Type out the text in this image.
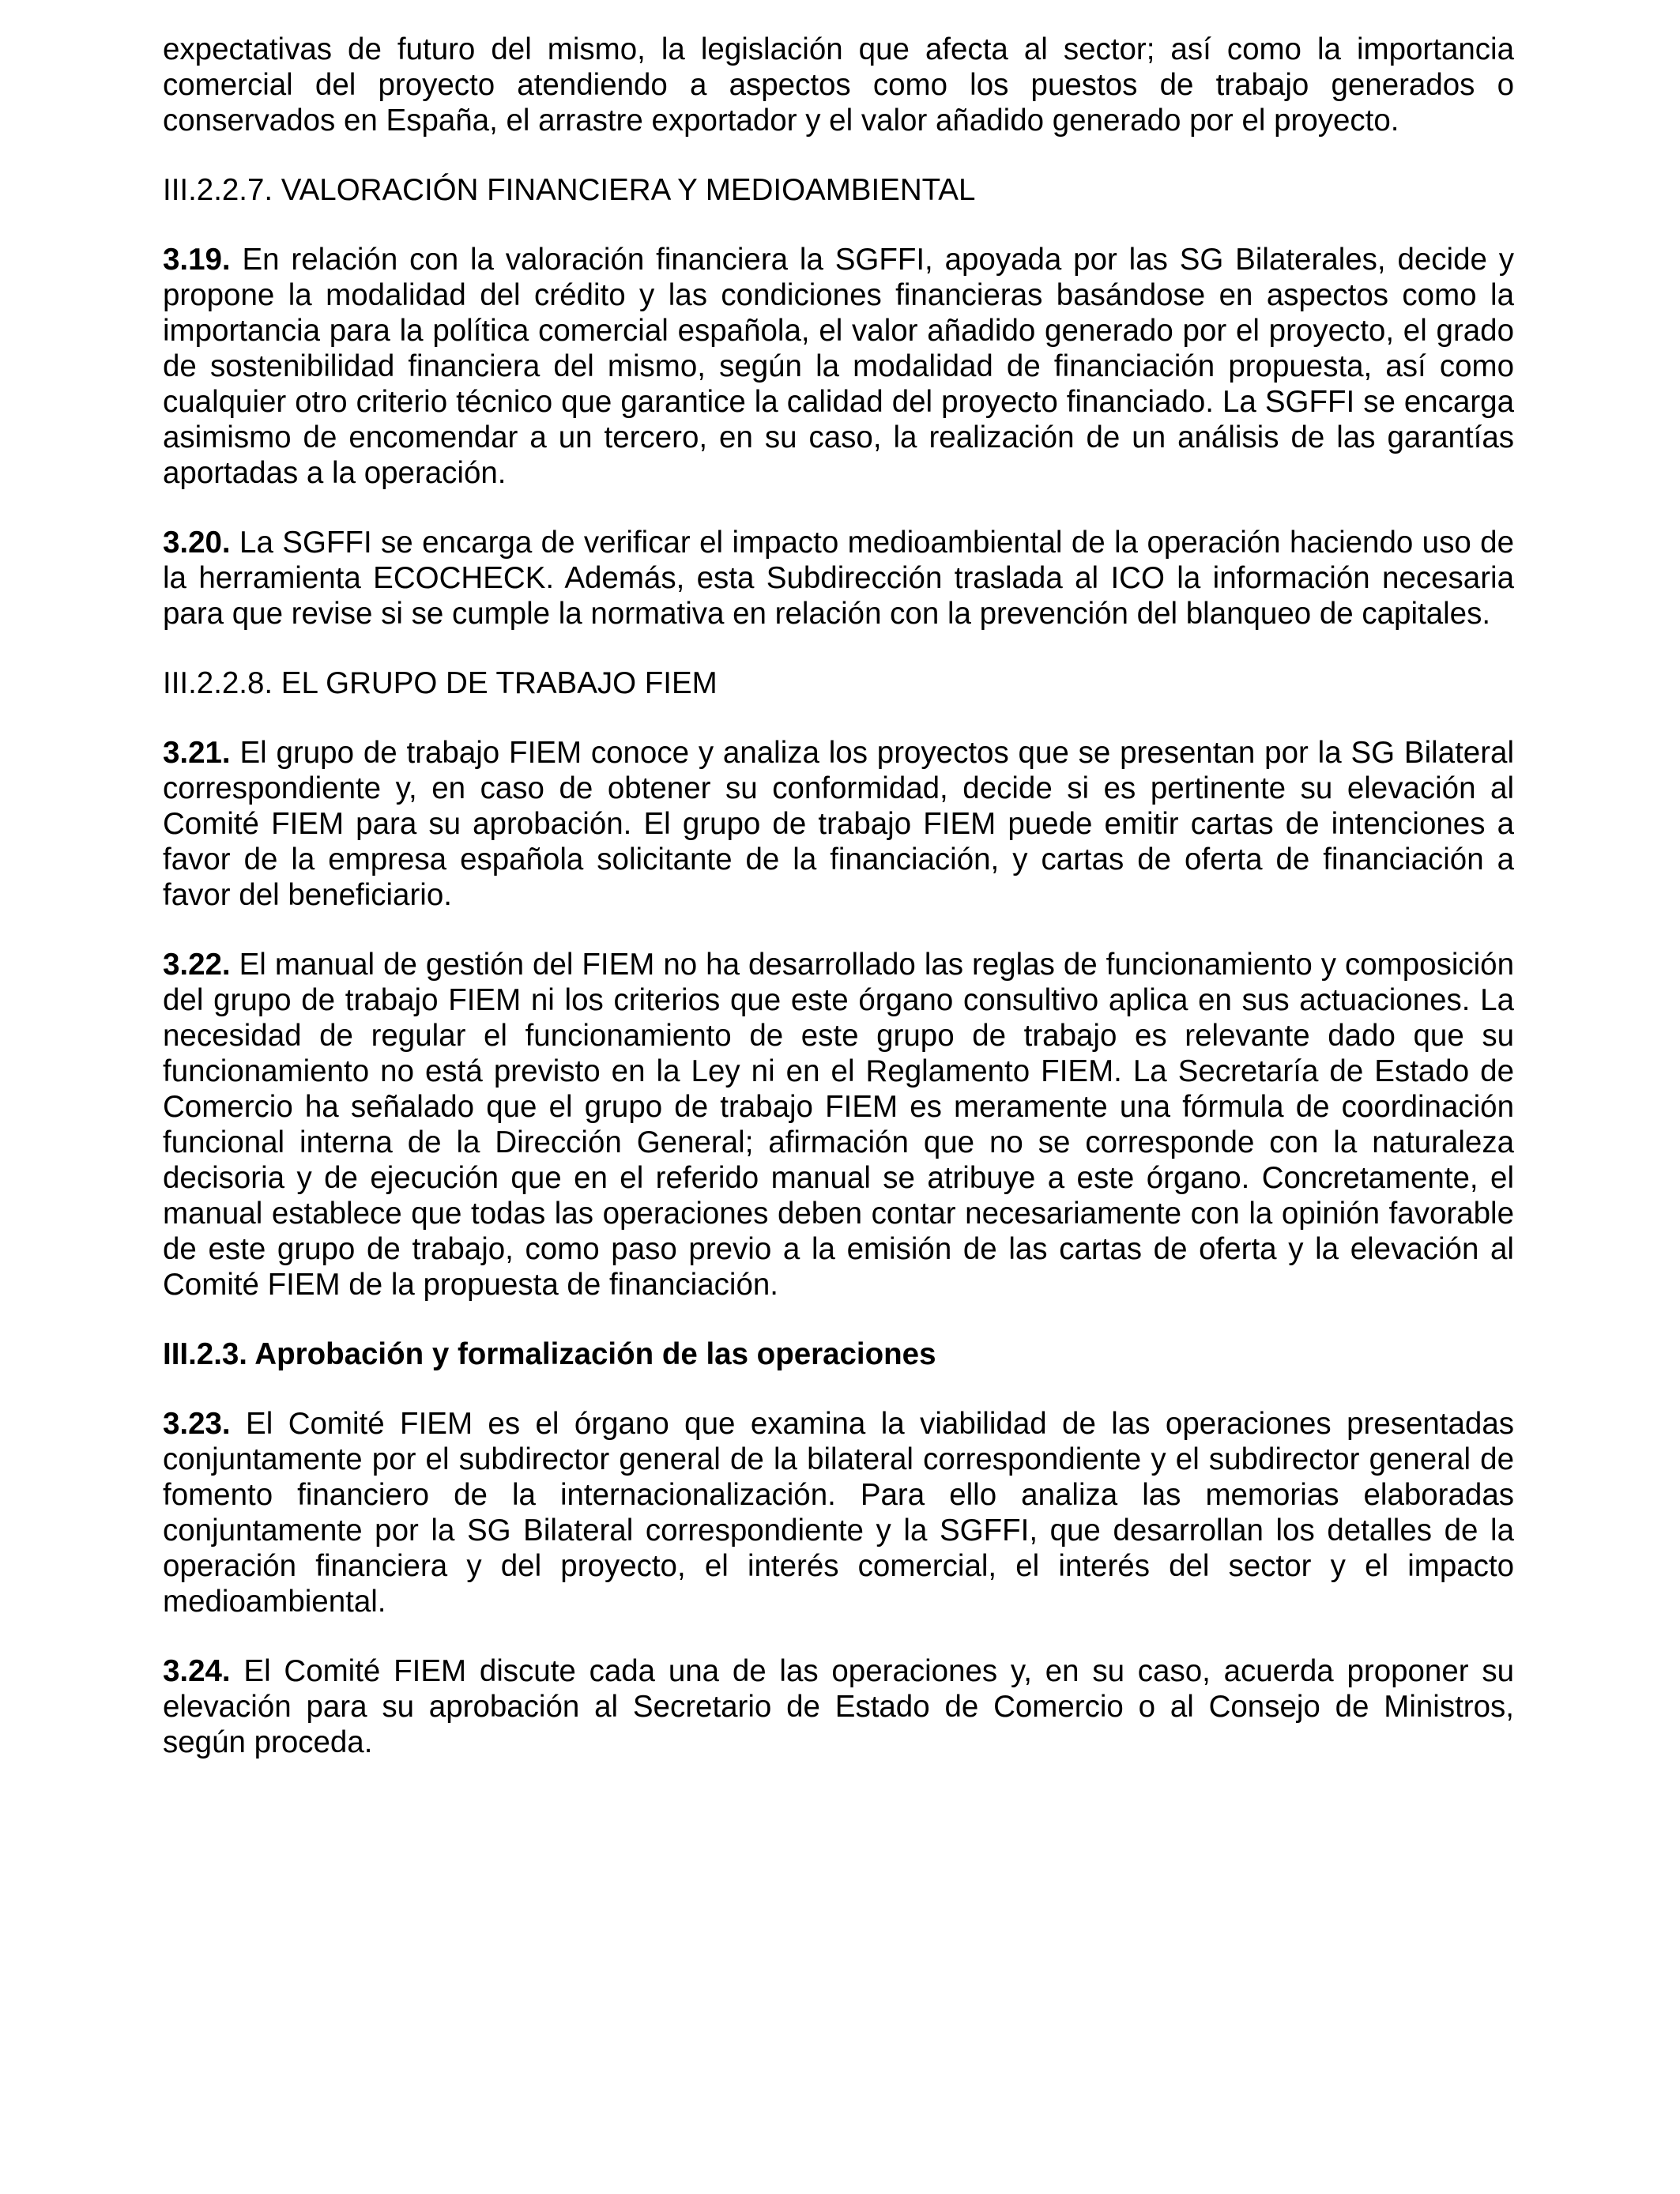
expectativas de futuro del mismo, la legislación que afecta al sector; así como la importancia comercial del proyecto atendiendo a aspectos como los puestos de trabajo generados o conservados en España, el arrastre exportador y el valor añadido generado por el proyecto.

III.2.2.7. VALORACIÓN FINANCIERA Y MEDIOAMBIENTAL

3.19. En relación con la valoración financiera la SGFFI, apoyada por las SG Bilaterales, decide y propone la modalidad del crédito y las condiciones financieras basándose en aspectos como la importancia para la política comercial española, el valor añadido generado por el proyecto, el grado de sostenibilidad financiera del mismo, según la modalidad de financiación propuesta, así como cualquier otro criterio técnico que garantice la calidad del proyecto financiado. La SGFFI se encarga asimismo de encomendar a un tercero, en su caso, la realización de un análisis de las garantías aportadas a la operación.

3.20. La SGFFI se encarga de verificar el impacto medioambiental de la operación haciendo uso de la herramienta ECOCHECK. Además, esta Subdirección traslada al ICO la información necesaria para que revise si se cumple la normativa en relación con la prevención del blanqueo de capitales.

III.2.2.8. EL GRUPO DE TRABAJO FIEM

3.21. El grupo de trabajo FIEM conoce y analiza los proyectos que se presentan por la SG Bilateral correspondiente y, en caso de obtener su conformidad, decide si es pertinente su elevación al Comité FIEM para su aprobación. El grupo de trabajo FIEM puede emitir cartas de intenciones a favor de la empresa española solicitante de la financiación, y cartas de oferta de financiación a favor del beneficiario.

3.22. El manual de gestión del FIEM no ha desarrollado las reglas de funcionamiento y composición del grupo de trabajo FIEM ni los criterios que este órgano consultivo aplica en sus actuaciones. La necesidad de regular el funcionamiento de este grupo de trabajo es relevante dado que su funcionamiento no está previsto en la Ley ni en el Reglamento FIEM. La Secretaría de Estado de Comercio ha señalado que el grupo de trabajo FIEM es meramente una fórmula de coordinación funcional interna de la Dirección General; afirmación que no se corresponde con la naturaleza decisoria y de ejecución que en el referido manual se atribuye a este órgano. Concretamente, el manual establece que todas las operaciones deben contar necesariamente con la opinión favorable de este grupo de trabajo, como paso previo a la emisión de las cartas de oferta y la elevación al Comité FIEM de la propuesta de financiación.

III.2.3. Aprobación y formalización de las operaciones

3.23. El Comité FIEM es el órgano que examina la viabilidad de las operaciones presentadas conjuntamente por el subdirector general de la bilateral correspondiente y el subdirector general de fomento financiero de la internacionalización. Para ello analiza las memorias elaboradas conjuntamente por la SG Bilateral correspondiente y la SGFFI, que desarrollan los detalles de la operación financiera y del proyecto, el interés comercial, el interés del sector y el impacto medioambiental.

3.24. El Comité FIEM discute cada una de las operaciones y, en su caso, acuerda proponer su elevación para su aprobación al Secretario de Estado de Comercio o al Consejo de Ministros, según proceda.
